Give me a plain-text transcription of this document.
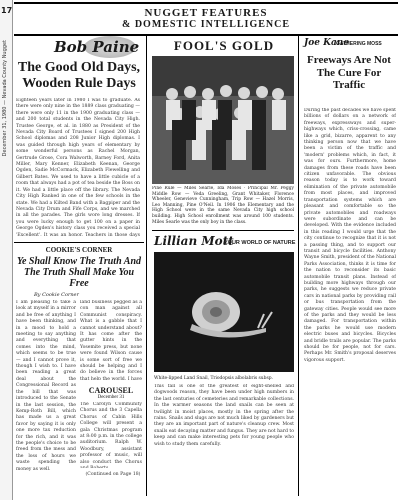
17
December 31, 1980 — Nevada County Nugget
NUGGET FEATURES
& DOMESTIC INTELLIGENCE
Bob Paine
The Good Old Days, Wooden Rule Days
Eighteen years later in 1980 I was to graduate. As there were only nine in the 1889 class graduating — there were only 11 in the 1900 graduating class — and 200 total students in the Nevada City High. Trustee George, et al. in 1880 as President of the Nevada City Board of Trustees I signed 200 High School diplomas and 208 Junior High diplomas. I was guided through high years of elementary by some wonderful persons as Rachel Morgan, Gertrude Grose, Cora Walworth, Barney Ford, Anita Miller, Mary Kenner, Elizabeth Keenan, George Ogden, Sadie McCormack, Elizabeth Flewelling and Gilbert Bates. We used to have a little cubicle of a room that always had a pot of tea beside the Boss on it. We had a little place off the library. The Nevada City High Ranked in one of the few schools in the state. We had a Kilted Band with a Bagpiper and the Nevada City Drum and Fife Corps, and we marched in all the parades. The girls wore long dresses. If you were lucky enough to get 100 on a paper in George Ogden's history class you received a special 'Excellent'. It was an honor. Teachers in those days
COOKIE'S CORNER
Ye Shall Know The Truth And The Truth Shall Make You Free
By Cookie Corner
I am pleasing to take a look at myself in a mirror and be free of anything I have been thinking, and in a mood to hold a meeting to say anything and everything that comes into the mind, which seems to be true — and I cannot prove it, though I wish to. I have been reading a great deal about the Congressional Record as the bill that was introduced to the Senate in the last session, the Kemp-Roth Bill, which has made us a great favor by saying it is only one more tax reduction for the rich, and it was the people's choice to be freed from the mess and the loss of hours we waste spending the money as well.
land business pegged as a con man against all Communist conspiracy. What is a gabble that I cannot understand about? It has come after the gutter hints in the Yosemite press, but none were found Wilson cause is some sort of free we should be helping and I do believe in the forces that help the world. I have
CAROUSEL
December 31
The Carolyn Community Chorus and the 3 Capella Chorus of Cabin Hills College will present a gala Christmas program at 8:00 p.m. in the college auditorium. Ralph W. Woodbury, assistant professor of music, will also conduct the Chorus
(Continued on Page 18)
FOOL'S GOLD
Pine Rule — Miles Searle, Ida Moses · Principal Mr. Peggy Middle Row — Veda Greeling, Grant Whitaker, Florence Wheeler, Genevieve Cunningham, Trip Row — Hazel Morris, Leo Manning, Pine O'Neil. In 1906 the Elementary and the High School were in the same Nevada City high school building. High School enrollment was around 100 students. Miles Searle was the only boy in the class.
Lillian Mott
YOUR WORLD OF NATURE
White-lipped Land Snail, Triodopsis albolabris subsp.
This fall is one of the greatest of eight-shelled and dogwoods reason, they have been under high numbers in the last centuries of cemeteries and remarkable collections. In the warmer seasons the land snails can be seen at twilight in moist places, mostly in the spring after the rains. Snails and slugs are not much liked by gardeners but they are an important part of nature's cleanup crew. Most snails eat decaying matter and fungus. They are not hard to keep and can make interesting pets for young people who wish to study them carefully.
Joe Kane
GATHERING MOSS
Freeways Are Not The Cure For Traffic
During the past decades we have spent billions of dollars on a network of freeways, expressways and super-highways which, criss-crossing, came like a grid, bizarre, apparent to any thinking person now that we have been a victim of the traffic and 'modern' problems which, in fact, it was for ours. Furthermore, home damages from these roads have been citizen unfavorable. The obvious reason today is to work toward elimination of the private automobile from most places, and improved transportation systems which are pleasant and comfortable so the private automobiles and roadways were subordinate and can be developed. With the evidence included in this reading I would urge that the city continue to recognize that it is not a passing thing, and to support our transit and bicycle facilities. Anthony Wayne Smith, president of the National Parks Association, thinks it is time for the nation to reconsider its basic automobile transit plans. Instead of building more highways through our parks, he suggests we reduce private cars in national parks by providing rail or bus transportation from the gateway cities. People would see more of the parks and they would be less damaged. For transportation within the parks he would use modern electric buses and bicycles. Bicycles and bridle trails are popular. The parks should be for people, not for cars. Perhaps Mr. Smith's proposal deserves vigorous support.
